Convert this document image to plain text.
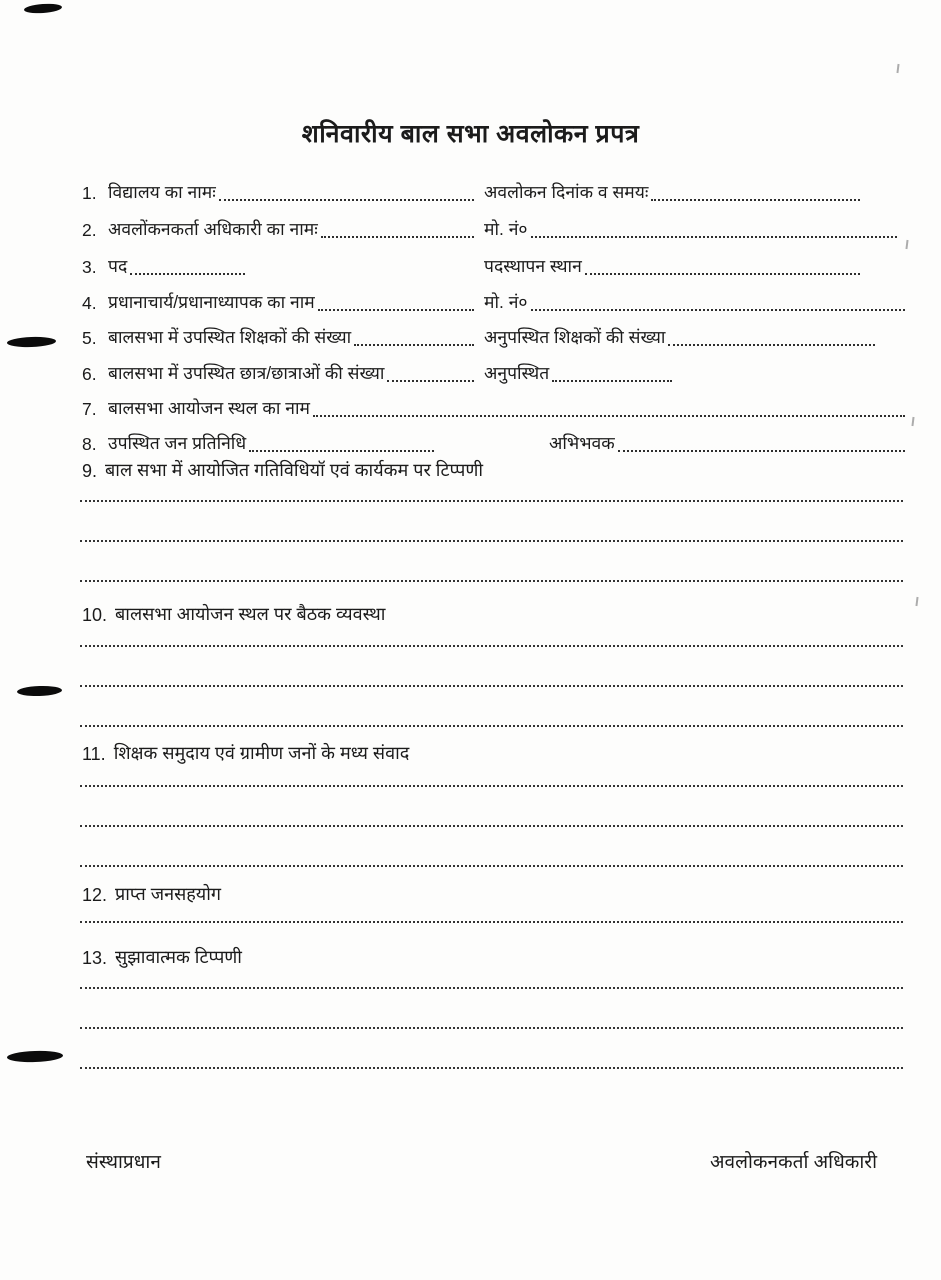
शनिवारीय बाल सभा अवलोकन प्रपत्र
1. विद्यालय का नामः	अवलोकन दिनांक व समयः
2. अवलोंकनकर्ता अधिकारी का नामः	मो. नं०
3. पद	पदस्थापन स्थान
4. प्रधानाचार्य/प्रधानाध्यापक का नाम	मो. नं०
5. बालसभा में उपस्थित शिक्षकों की संख्या	अनुपस्थित शिक्षकों की संख्या
6. बालसभा में उपस्थित छात्र/छात्राओं की संख्या	अनुपस्थित
7. बालसभा आयोजन स्थल का नाम
8. उपस्थित जन प्रतिनिधि	अभिभवक
9. बाल सभा में आयोजित गतिविधियॉ एवं कार्यकम पर टिप्पणी
10. बालसभा आयोजन स्थल पर बैठक व्यवस्था
11. शिक्षक समुदाय एवं ग्रामीण जनों के मध्य संवाद
12. प्राप्त जनसहयोग
13. सुझावात्मक टिप्पणी
संस्थाप्रधान	अवलोकनकर्ता अधिकारी
